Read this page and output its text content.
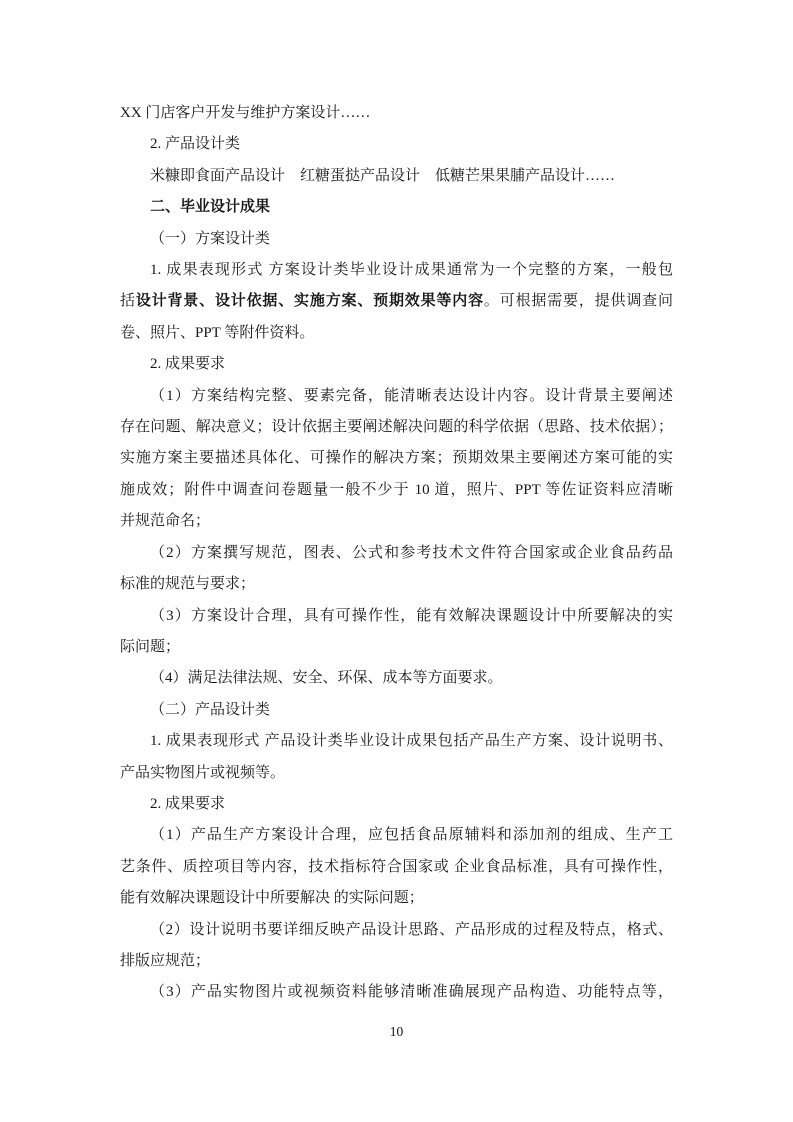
XX 门店客户开发与维护方案设计……
2. 产品设计类
米糠即食面产品设计　红糖蛋挞产品设计　低糖芒果果脯产品设计……
二、毕业设计成果
（一）方案设计类
1. 成果表现形式 方案设计类毕业设计成果通常为一个完整的方案，一般包
括设计背景、设计依据、实施方案、预期效果等内容。可根据需要，提供调查问
卷、照片、PPT 等附件资料。
2. 成果要求
（1）方案结构完整、要素完备，能清晰表达设计内容。设计背景主要阐述
存在问题、解决意义；设计依据主要阐述解决问题的科学依据（思路、技术依据）；
实施方案主要描述具体化、可操作的解决方案；预期效果主要阐述方案可能的实
施成效；附件中调查问卷题量一般不少于 10 道，照片、PPT 等佐证资料应清晰
并规范命名；
（2）方案撰写规范，图表、公式和参考技术文件符合国家或企业食品药品
标准的规范与要求；
（3）方案设计合理，具有可操作性，能有效解决课题设计中所要解决的实
际问题；
（4）满足法律法规、安全、环保、成本等方面要求。
（二）产品设计类
1. 成果表现形式 产品设计类毕业设计成果包括产品生产方案、设计说明书、
产品实物图片或视频等。
2. 成果要求
（1）产品生产方案设计合理，应包括食品原辅料和添加剂的组成、生产工
艺条件、质控项目等内容，技术指标符合国家或 企业食品标准，具有可操作性，
能有效解决课题设计中所要解决 的实际问题；
（2）设计说明书要详细反映产品设计思路、产品形成的过程及特点，格式、
排版应规范；
（3）产品实物图片或视频资料能够清晰准确展现产品构造、功能特点等，
10
